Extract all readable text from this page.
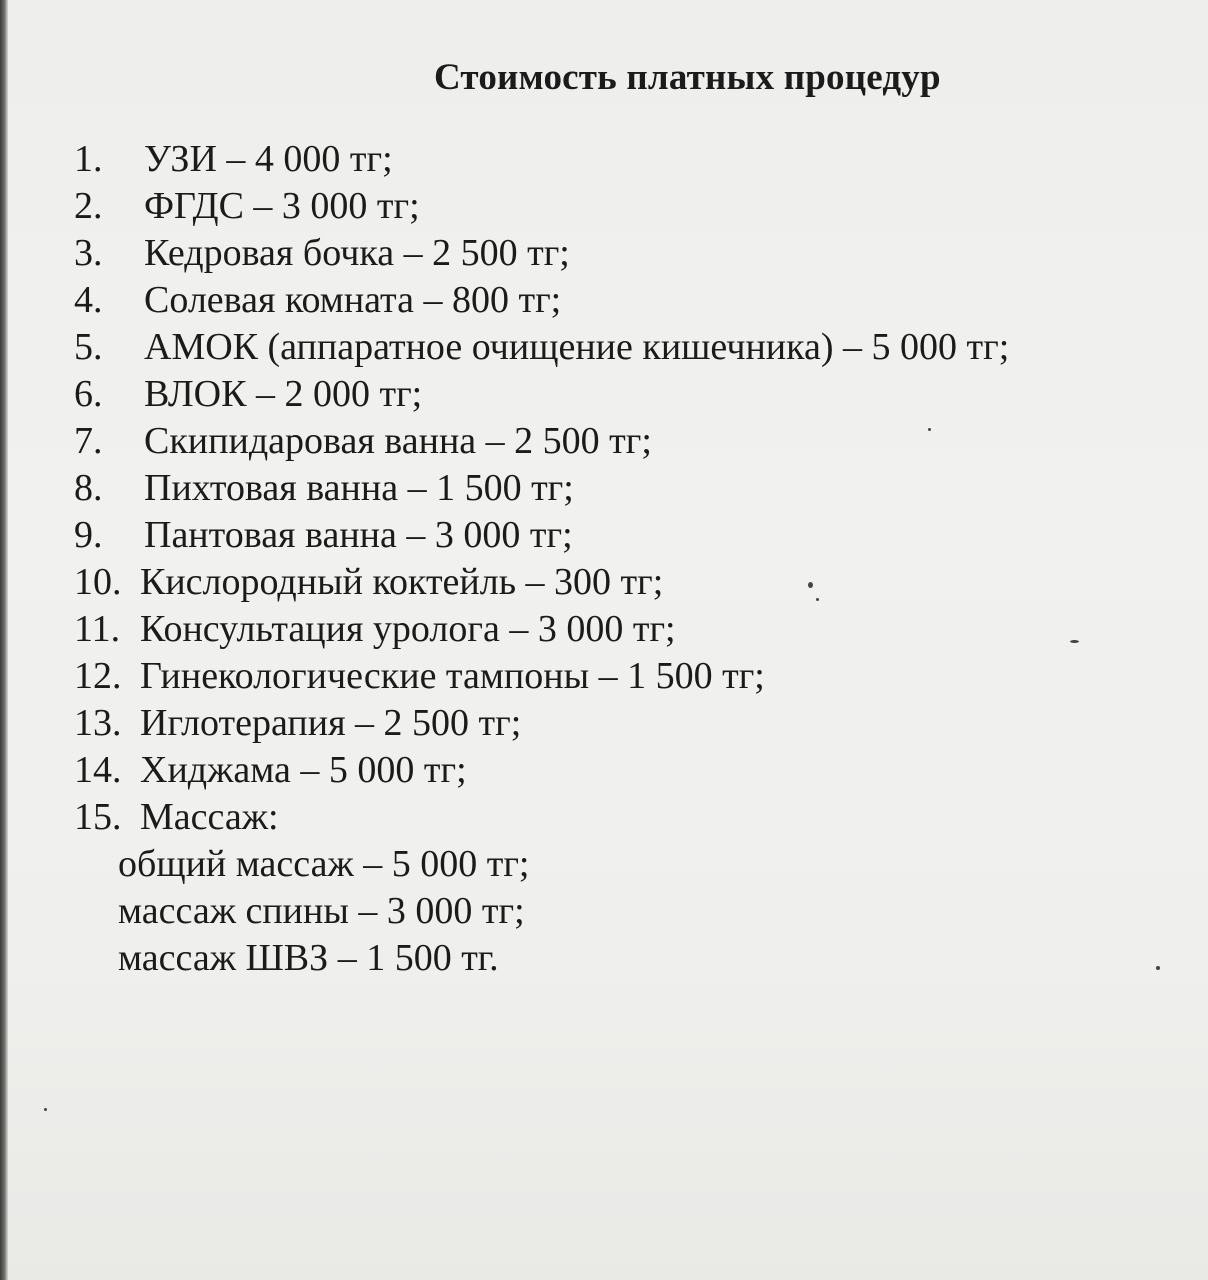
Стоимость платных процедур
1. УЗИ – 4 000 тг;
2. ФГДС – 3 000 тг;
3. Кедровая бочка – 2 500 тг;
4. Солевая комната – 800 тг;
5. АМОК (аппаратное очищение кишечника) – 5 000 тг;
6. ВЛОК – 2 000 тг;
7. Скипидаровая ванна – 2 500 тг;
8. Пихтовая ванна – 1 500 тг;
9. Пантовая ванна – 3 000 тг;
10. Кислородный коктейль – 300 тг;
11. Консультация уролога – 3 000 тг;
12. Гинекологические тампоны – 1 500 тг;
13. Иглотерапия – 2 500 тг;
14. Хиджама – 5 000 тг;
15. Массаж:
общий массаж – 5 000 тг;
массаж спины – 3 000 тг;
массаж ШВЗ – 1 500 тг.
